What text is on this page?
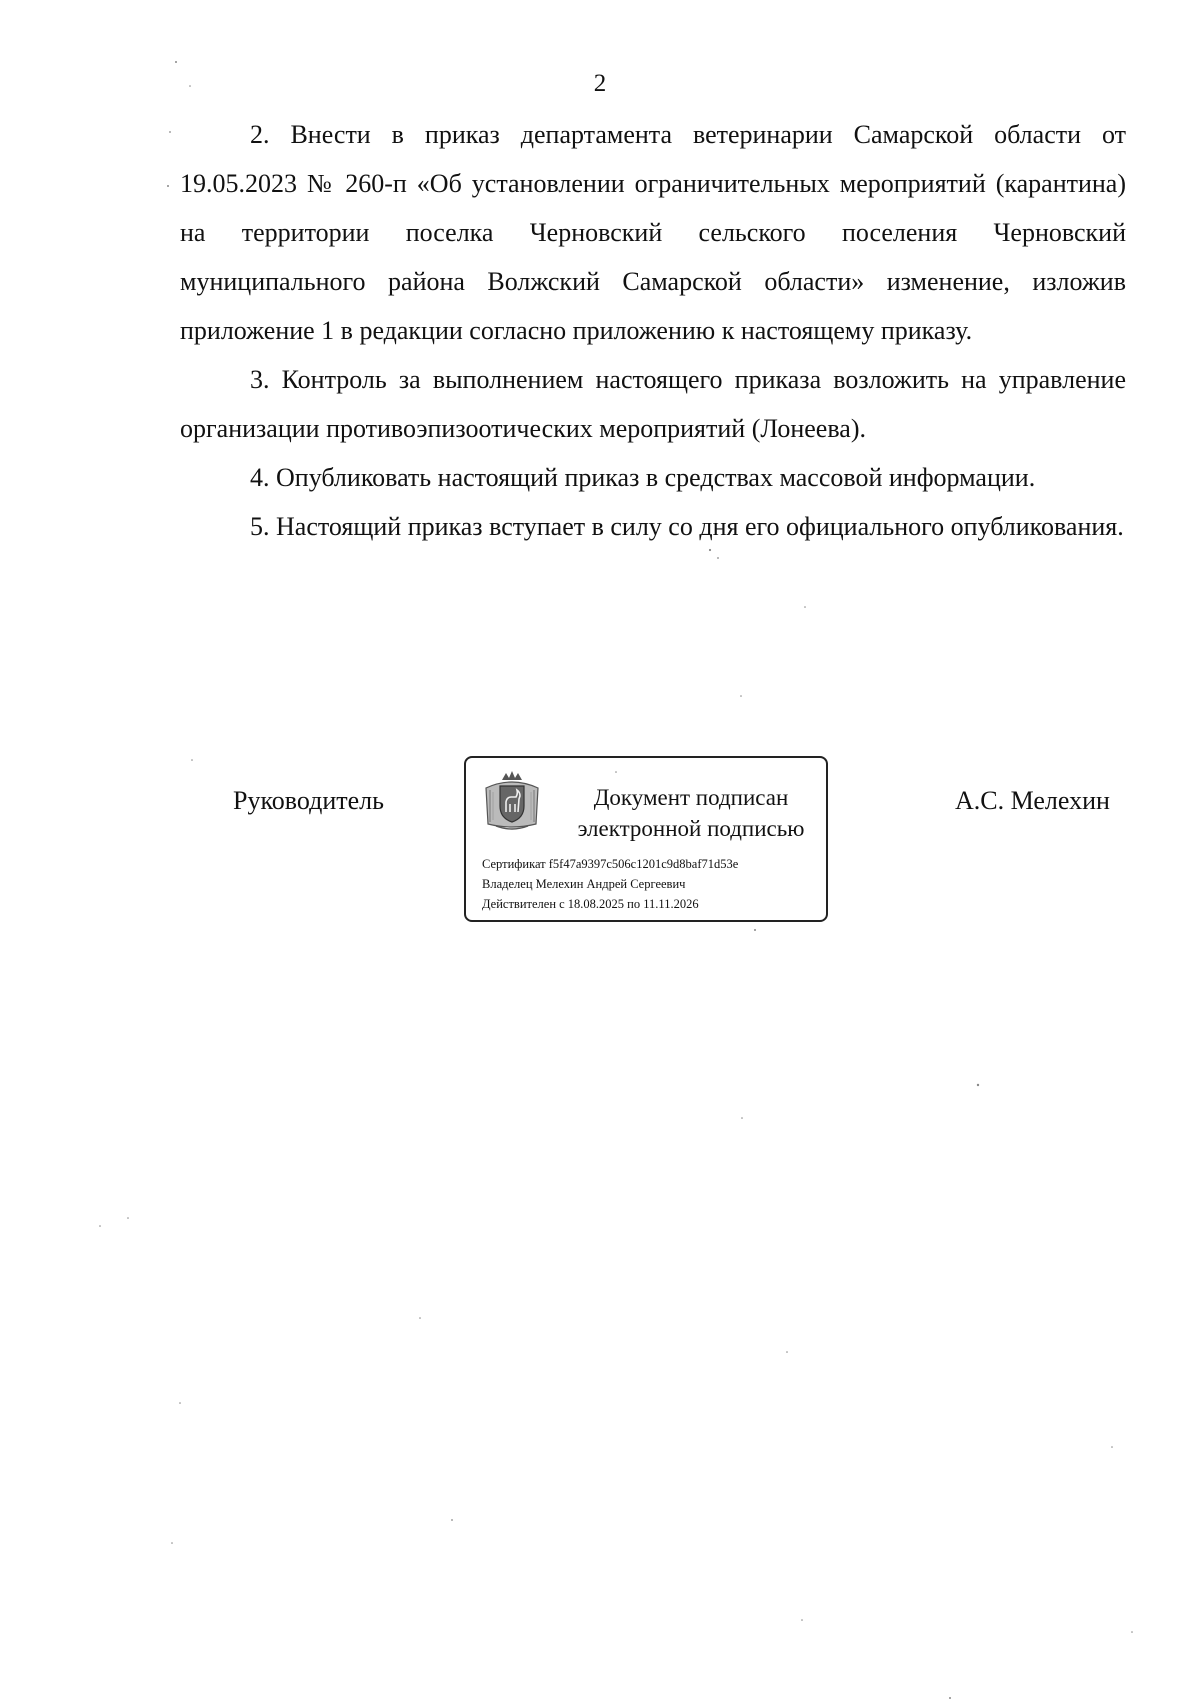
2

2. Внести в приказ департамента ветеринарии Самарской области от 19.05.2023 № 260-п «Об установлении ограничительных мероприятий (карантина) на территории поселка Черновский сельского поселения Черновский муниципального района Волжский Самарской области» изменение, изложив приложение 1 в редакции согласно приложению к настоящему приказу.

3. Контроль за выполнением настоящего приказа возложить на управление организации противоэпизоотических мероприятий (Лонеева).

4. Опубликовать настоящий приказ в средствах массовой информации.

5. Настоящий приказ вступает в силу со дня его официального опубликования.

Руководитель	Документ подписан
электронной подписью
Сертификат f5f47a9397c506c1201c9d8baf71d53e
Владелец Мелехин Андрей Сергеевич
Действителен с 18.08.2025 по 11.11.2026
А.С. Мелехин
